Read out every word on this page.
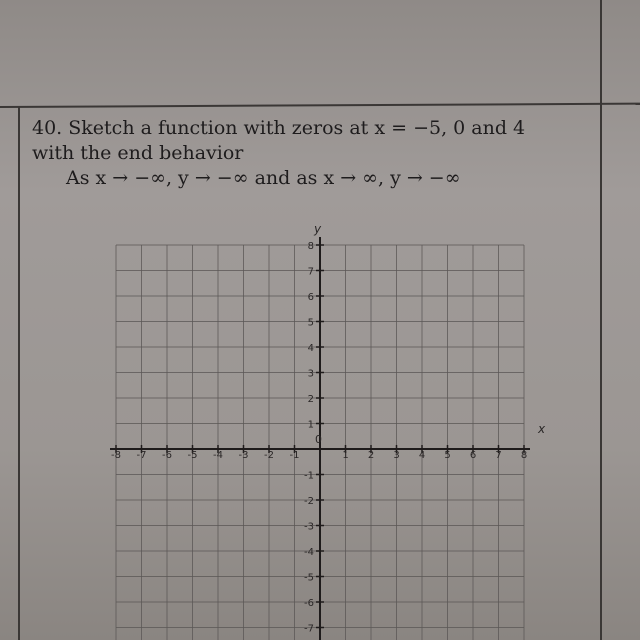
40. Sketch a function with zeros at x = −5, 0 and 4
with the end behavior
As x → −∞, y → −∞ and as x → ∞, y → −∞
x
y
0
-8 -7 -6 -5 -4 -3 -2 -1	1 2 3 4 5 6 7 8
8
7
6
5
4
3
2
1
-1
-2
-3
-4
-5
-6
-7
